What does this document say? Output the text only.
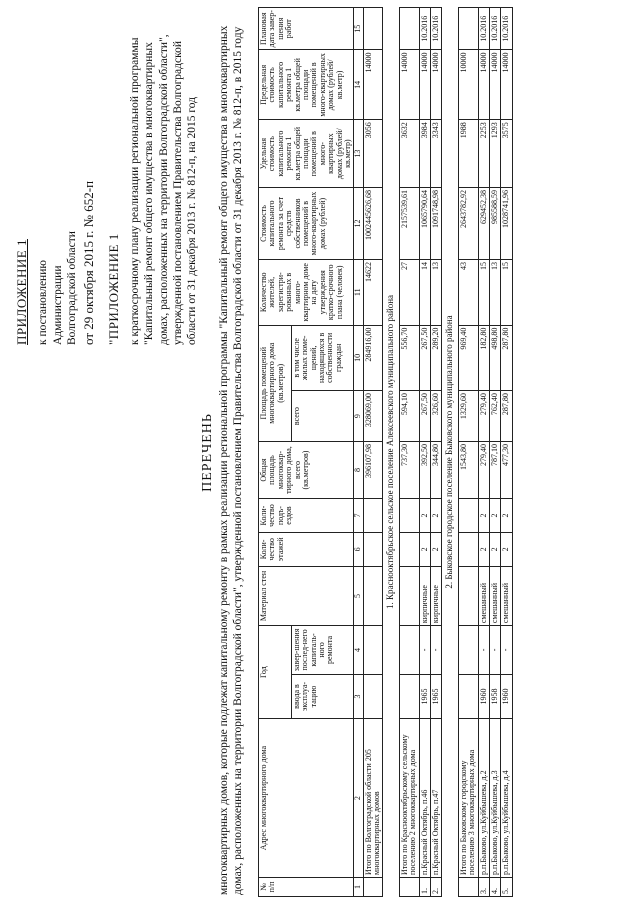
ПРИЛОЖЕНИЕ 1 к постановлению Администрации Волгоградской области от 29 октября 2015 г. № 652-п "ПРИЛОЖЕНИЕ 1 к краткосрочному плану реализации региональной программы "Капитальный ремонт общего имущества в многоквартирных домах, расположенных на территории Волгоградской области", утвержденной постановлением Правительства Волгоградской области от 31 декабря 2013 г. № 812-п, на 2015 год

ПЕРЕЧЕНЬ многоквартирных домов, которые подлежат капитальному ремонту в рамках реализации региональной программы "Капитальный ремонт общего имущества в многоквартирных домах, расположенных на территории Волгоградской области", утвержденной постановлением Правительства Волгоградской области от 31 декабря 2013 г. № 812-п, в 2015 году № п/п	Адрес многоквартирного дома	Год		Материал стен	Коли-чество этажей	Коли-чество подъ-ездов	Общая площадь многоквар-тирного дома, всего (кв.метров)	Площадь помещений многоквартирного дома (кв.метров)		Количество жителей, зарегистри-рованных в много-квартирном доме на дату утверждения кратко-срочного плана (человек)	Стоимость капитального ремонта за счет средств собственников помещений в много-квартирных домах (рублей)	Удельная стоимость капитального ремонта 1 кв.метра общей площади помещений в много-квартирных домах (рублей/кв.метр)	Предельная стоимость капитального ремонта 1 кв.метра общей площади помещений в много-квартирных домах (рублей/кв.метр)	Плановая дата завер-шения работ
		ввода в эксплуа-тацию	завер-шения послед-него капиталь-ного ремонта					всего	в том числе жилых поме-щений, находящихся в собственности граждан					
1	2	3	4	5	6	7	8	9	10	11	12	13	14	15
	Итого по Волгоградской области 205 многоквартирных домов						396107,98	328069,00	284916,00	14622	1002445626,68	3056	14000	
1. Краснооктябрьское сельское поселение Алексеевского муниципального района														
	Итого по Краснооктябрьскому сельскому поселению 2 многоквартирных дома						737,30	594,10	556,70	27	2157539,61	3632	14000	
1.	п.Красный Октябрь, п.46	1965	-	кирпичные	2	2	392,50	267,50	267,50	14	1065790,64	3984	14000	10.2016
2.	п.Красный Октябрь, п.47	1965	-	кирпичные	2	2	344,80	326,60	289,20	13	1091748,98	3343	14000	10.2016
2. Быковское городское поселение Быковского муниципального района														
	Итого по Быковскому городскому поселению 3 многоквартирных дома						1543,80	1329,60	969,40	43	2643782,92	1988	10000	
3.	р.п.Быково, ул.Куйбышева, д.2	1960	-	смешанный	2	2	279,40	279,40	182,80	15	629452,38	2253	14000	10.2016
4.	р.п.Быково, ул.Куйбышева, д.3	1958	-	смешанный	2	2	787,10	762,40	498,80	13	985588,59	1293	14000	10.2016
5.	р.п.Быково, ул.Куйбышева, д.4	1960	-	смешанный	2	2	477,30	287,80	287,80	15	1028741,96	3575	14000	10.2016
